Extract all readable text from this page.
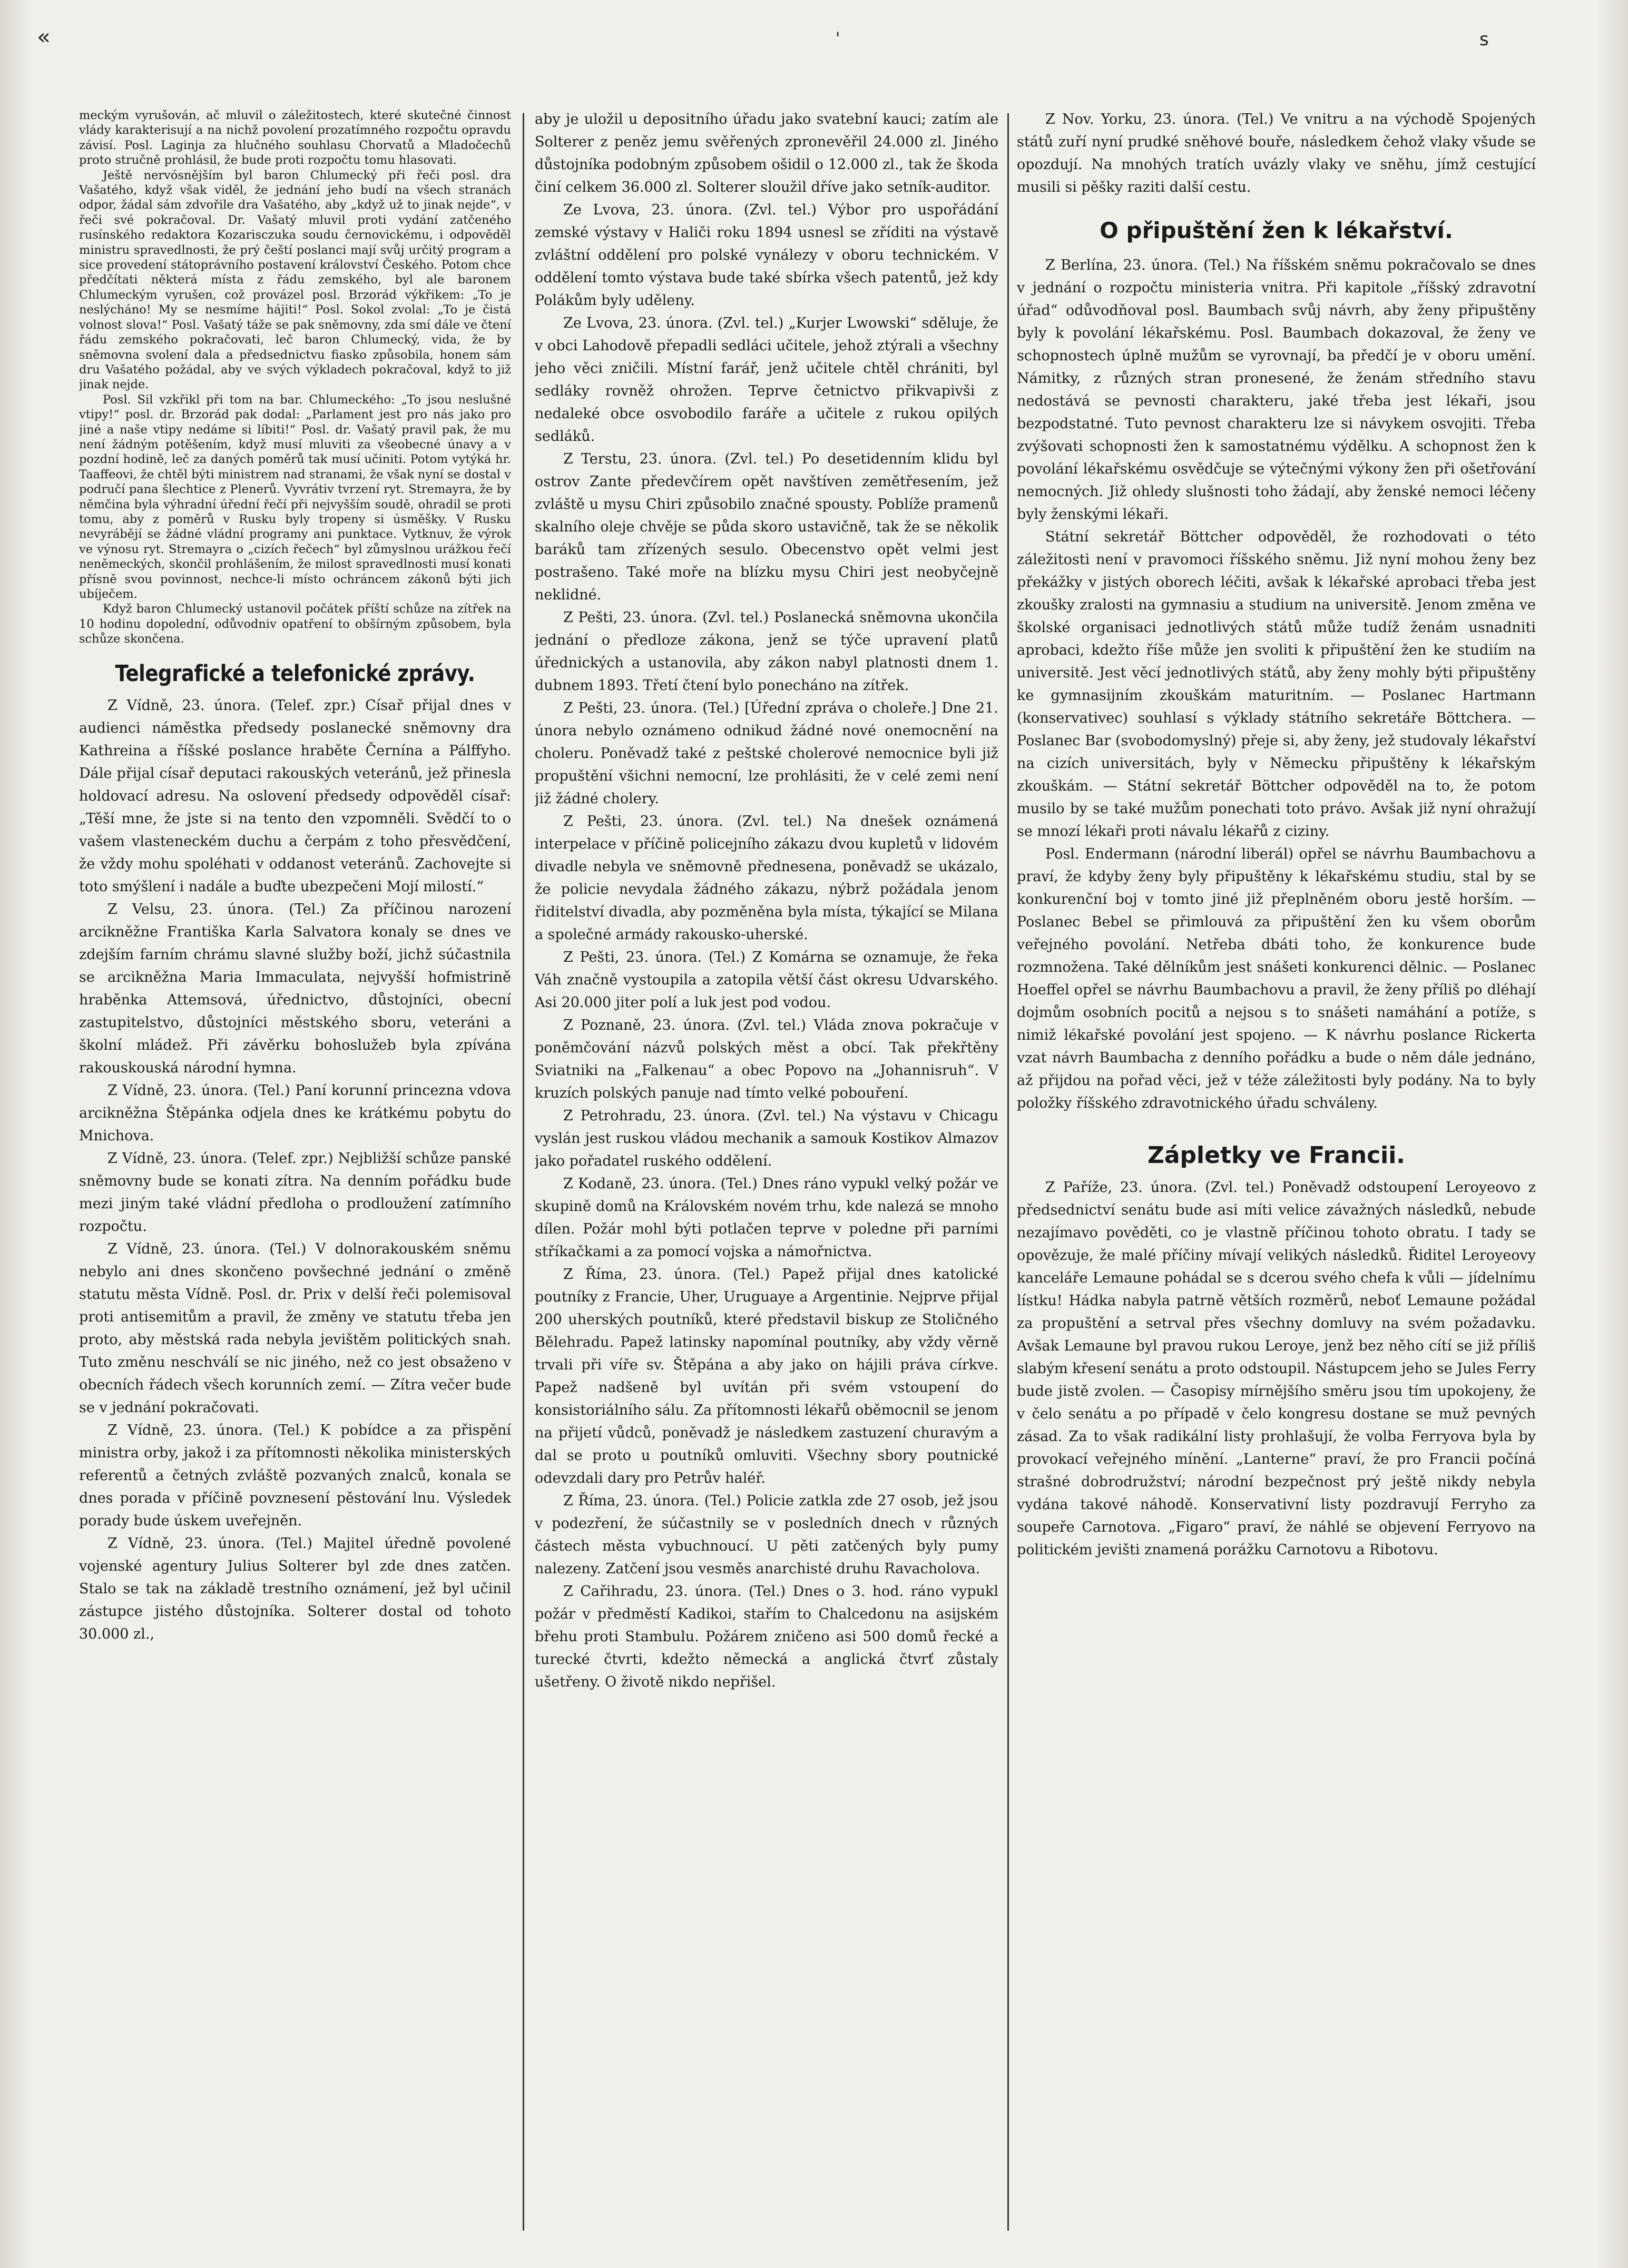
'
«	s

meckým vyrušován, ač mluvil o záležitostech, které skutečné činnost vlády karakterisují a na nichž povolení prozatímného rozpočtu opravdu závisí. Posl. Laginja za hlučného souhlasu Chorvatů a Mladočechů proto stručně prohlásil, že bude proti rozpočtu tomu hlasovati.

Ještě nervósnějším byl baron Chlumecký při řeči posl. dra Vašatého, když však viděl, že jednání jeho budí na všech stranách odpor, žádal sám zdvořile dra Vašatého, aby „když už to jinak nejde“, v řeči své pokračoval. Dr. Vašatý mluvil proti vydání zatčeného rusínského redaktora Kozarisczuka soudu černovickému, i odpověděl ministru spravedlnosti, že prý čeští poslanci mají svůj určitý program a sice provedení státoprávního postavení království Českého. Potom chce předčítati některá místa z řádu zemského, byl ale baronem Chlumeckým vyrušen, což provázel posl. Brzorád výkřikem: „To je neslýcháno! My se nesmíme hájiti!“ Posl. Sokol zvolal: „To je čistá volnost slova!“ Posl. Vašatý táže se pak sněmovny, zda smí dále ve čtení řádu zemského pokračovati, leč baron Chlumecký, vida, že by sněmovna svolení dala a předsednictvu fiasko způsobila, honem sám dru Vašatého požádal, aby ve svých výkladech pokračoval, když to již jinak nejde.

Posl. Sil vzkřikl při tom na bar. Chlumeckého: „To jsou neslušné vtipy!“ posl. dr. Brzorád pak dodal: „Parlament jest pro nás jako pro jiné a naše vtipy nedáme si líbiti!“ Posl. dr. Vašatý pravil pak, že mu není žádným potěšením, když musí mluviti za všeobecné únavy a v pozdní hodině, leč za daných poměrů tak musí učiniti. Potom vytýká hr. Taaffeovi, že chtěl býti ministrem nad stranami, že však nyní se dostal v područí pana šlechtice z Plenerů. Vyvrátiv tvrzení ryt. Stremayra, že by němčina byla výhradní úřední řečí při nejvyšším soudě, ohradil se proti tomu, aby z poměrů v Rusku byly tropeny si úsměšky. V Rusku nevyrábějí se žádné vládní programy ani punktace. Vytknuv, že výrok ve výnosu ryt. Stremayra o „cizích řečech“ byl zůmyslnou urážkou řečí neněmeckých, skončil prohlášením, že milost spravedlnosti musí konati přísně svou povinnost, nechce-li místo ochráncem zákonů býti jich ubíječem.

Když baron Chlumecký ustanovil počátek příští schůze na zítřek na 10 hodinu dopolední, odůvodniv opatření to obšírným způsobem, byla schůze skončena.

Telegrafické a telefonické zprávy.

Z Vídně, 23. února. (Telef. zpr.) Císař přijal dnes v audienci náměstka předsedy poslanecké sněmovny dra Kathreina a říšské poslance hraběte Černína a Pálffyho. Dále přijal císař deputaci rakouských veteránů, jež přinesla holdovací adresu. Na oslovení předsedy odpověděl císař: „Těší mne, že jste si na tento den vzpomněli. Svědčí to o vašem vlasteneckém duchu a čerpám z toho přesvědčení, že vždy mohu spoléhati v oddanost veteránů. Zachovejte si toto smýšlení i nadále a buďte ubezpečeni Mojí milostí.“

Z Velsu, 23. února. (Tel.) Za příčinou narození arcikněžne Františka Karla Salvatora konaly se dnes ve zdejším farním chrámu slavné služby boží, jichž súčastnila se arcikněžna Maria Immaculata, nejvyšší hofmistrině hraběnka Attemsová, úřednictvo, důstojníci, obecní zastupitelstvo, důstojníci městského sboru, veteráni a školní mládež. Při závěrku bohoslužeb byla zpívána rakouskouská národní hymna.

Z Vídně, 23. února. (Tel.) Paní korunní princezna vdova arcikněžna Štěpánka odjela dnes ke krátkému pobytu do Mnichova.

Z Vídně, 23. února. (Telef. zpr.) Nejbližší schůze panské sněmovny bude se konati zítra. Na denním pořádku bude mezi jiným také vládní předloha o prodloužení zatímního rozpočtu.

Z Vídně, 23. února. (Tel.) V dolnorakouském sněmu nebylo ani dnes skončeno povšechné jednání o změně statutu města Vídně. Posl. dr. Prix v delší řeči polemisoval proti antisemitům a pravil, že změny ve statutu třeba jen proto, aby městská rada nebyla jevištěm politických snah. Tuto změnu neschválí se nic jiného, než co jest obsaženo v obecních řádech všech korunních zemí. — Zítra večer bude se v jednání pokračovati.

Z Vídně, 23. února. (Tel.) K pobídce a za přispění ministra orby, jakož i za přítomnosti několika ministerských referentů a četných zvláště pozvaných znalců, konala se dnes porada v příčině povznesení pěstování lnu. Výsledek porady bude úskem uveřejněn.

Z Vídně, 23. února. (Tel.) Majitel úředně povolené vojenské agentury Julius Solterer byl zde dnes zatčen. Stalo se tak na základě trestního oznámení, jež byl učinil zástupce jistého důstojníka. Solterer dostal od tohoto 30.000 zl.,

aby je uložil u depositního úřadu jako svatební kauci; zatím ale Solterer z peněz jemu svěřených zpronevěřil 24.000 zl. Jiného důstojníka podobným způsobem ošidil o 12.000 zl., tak že škoda činí celkem 36.000 zl. Solterer sloužil dříve jako setník-auditor.

Ze Lvova, 23. února. (Zvl. tel.) Výbor pro uspořádání zemské výstavy v Haliči roku 1894 usnesl se zříditi na výstavě zvláštní oddělení pro polské vynálezy v oboru technickém. V oddělení tomto výstava bude také sbírka všech patentů, jež kdy Polákům byly uděleny.

Ze Lvova, 23. února. (Zvl. tel.) „Kurjer Lwowski“ sděluje, že v obci Lahodově přepadli sedláci učitele, jehož ztýrali a všechny jeho věci zničili. Místní farář, jenž učitele chtěl chrániti, byl sedláky rovněž ohrožen. Teprve četnictvo přikvapivši z nedaleké obce osvobodilo faráře a učitele z rukou opilých sedláků.

Z Terstu, 23. února. (Zvl. tel.) Po desetidenním klidu byl ostrov Zante předevčírem opět navštíven zemětřesením, jež zvláště u mysu Chiri způsobilo značné spousty. Poblíže pramenů skalního oleje chvěje se půda skoro ustavičně, tak že se několik baráků tam zřízených sesulo. Obecenstvo opět velmi jest postrašeno. Také moře na blízku mysu Chiri jest neobyčejně neklidné.

Z Pešti, 23. února. (Zvl. tel.) Poslanecká sněmovna ukončila jednání o předloze zákona, jenž se týče upravení platů úřednických a ustanovila, aby zákon nabyl platnosti dnem 1. dubnem 1893. Třetí čtení bylo ponecháno na zítřek.

Z Pešti, 23. února. (Tel.) [Úřední zpráva o choleře.] Dne 21. února nebylo oznámeno odnikud žádné nové onemocnění na choleru. Poněvadž také z peštské cholerové nemocnice byli již propuštění všichni nemocní, lze prohlásiti, že v celé zemi není již žádné cholery.

Z Pešti, 23. února. (Zvl. tel.) Na dnešek oznámená interpelace v příčině policejního zákazu dvou kupletů v lidovém divadle nebyla ve sněmovně přednesena, poněvadž se ukázalo, že policie nevydala žádného zákazu, nýbrž požádala jenom řiditelství divadla, aby pozměněna byla místa, týkající se Milana a společné armády rakousko-uherské.

Z Pešti, 23. února. (Tel.) Z Komárna se oznamuje, že řeka Váh značně vystoupila a zatopila větší část okresu Udvarského. Asi 20.000 jiter polí a luk jest pod vodou.

Z Poznaně, 23. února. (Zvl. tel.) Vláda znova pokračuje v poněmčování názvů polských měst a obcí. Tak překřtěny Sviatniki na „Falkenau“ a obec Popovo na „Johannisruh“. V kruzích polských panuje nad tímto velké pobouření.

Z Petrohradu, 23. února. (Zvl. tel.) Na výstavu v Chicagu vyslán jest ruskou vládou mechanik a samouk Kostikov Almazov jako pořadatel ruského oddělení.

Z Kodaně, 23. února. (Tel.) Dnes ráno vypukl velký požár ve skupině domů na Královském novém trhu, kde nalezá se mnoho dílen. Požár mohl býti potlačen teprve v poledne při parními stříkačkami a za pomocí vojska a námořnictva.

Z Říma, 23. února. (Tel.) Papež přijal dnes katolické poutníky z Francie, Uher, Uruguaye a Argentinie. Nejprve přijal 200 uherských poutníků, které představil biskup ze Stoličného Bělehradu. Papež latinsky napomínal poutníky, aby vždy věrně trvali při víře sv. Štěpána a aby jako on hájili práva církve. Papež nadšeně byl uvítán při svém vstoupení do konsistoriálního sálu. Za přítomnosti lékařů oběmocnil se jenom na přijetí vůdců, poněvadž je následkem zastuzení churavým a dal se proto u poutníků omluviti. Všechny sbory poutnické odevzdali dary pro Petrův haléř.

Z Říma, 23. února. (Tel.) Policie zatkla zde 27 osob, jež jsou v podezření, že súčastnily se v posledních dnech v různých částech města vybuchnoucí. U pěti zatčených byly pumy nalezeny. Zatčení jsou vesměs anarchisté druhu Ravacholova.

Z Cařihradu, 23. února. (Tel.) Dnes o 3. hod. ráno vypukl požár v předměstí Kadikoi, stařím to Chalcedonu na asijském břehu proti Stambulu. Požárem zničeno asi 500 domů řecké a turecké čtvrti, kdežto německá a anglická čtvrť zůstaly ušetřeny. O životě nikdo nepřišel.

Z Nov. Yorku, 23. února. (Tel.) Ve vnitru a na východě Spojených států zuří nyní prudké sněhové bouře, následkem čehož vlaky všude se opozdují. Na mnohých tratích uvázly vlaky ve sněhu, jímž cestující musili si pěšky raziti další cestu.

O připuštění žen k lékařství.

Z Berlína, 23. února. (Tel.) Na říšském sněmu pokračovalo se dnes v jednání o rozpočtu ministeria vnitra. Při kapitole „říšský zdravotní úřad“ odůvodňoval posl. Baumbach svůj návrh, aby ženy připuštěny byly k povolání lékařskému. Posl. Baumbach dokazoval, že ženy ve schopnostech úplně mužům se vyrovnají, ba předčí je v oboru umění. Námitky, z různých stran pronesené, že ženám středního stavu nedostává se pevnosti charakteru, jaké třeba jest lékaři, jsou bezpodstatné. Tuto pevnost charakteru lze si návykem osvojiti. Třeba zvýšovati schopnosti žen k samostatnému výdělku. A schopnost žen k povolání lékařskému osvědčuje se výtečnými výkony žen při ošetřování nemocných. Již ohledy slušnosti toho žádají, aby ženské nemoci léčeny byly ženskými lékaři.

Státní sekretář Böttcher odpověděl, že rozhodovati o této záležitosti není v pravomoci říšského sněmu. Již nyní mohou ženy bez překážky v jistých oborech léčiti, avšak k lékařské aprobaci třeba jest zkoušky zralosti na gymnasiu a studium na universitě. Jenom změna ve školské organisaci jednotlivých států může tudíž ženám usnadniti aprobaci, kdežto říše může jen svoliti k připuštění žen ke studiím na universitě. Jest věcí jednotlivých států, aby ženy mohly býti připuštěny ke gymnasijním zkouškám maturitním. — Poslanec Hartmann (konservativec) souhlasí s výklady státního sekretáře Böttchera. — Poslanec Bar (svobodomyslný) přeje si, aby ženy, jež studovaly lékařství na cizích universitách, byly v Německu připuštěny k lékařským zkouškám. — Státní sekretář Böttcher odpověděl na to, že potom musilo by se také mužům ponechati toto právo. Avšak již nyní ohražují se mnozí lékaři proti návalu lékařů z ciziny.

Posl. Endermann (národní liberál) opřel se návrhu Baumbachovu a praví, že kdyby ženy byly připuštěny k lékařskému studiu, stal by se konkurenční boj v tomto jiné již přeplněném oboru jestě horším. — Poslanec Bebel se přimlouvá za připuštění žen ku všem oborům veřejného povolání. Netřeba dbáti toho, že konkurence bude rozmnožena. Také dělníkům jest snášeti konkurenci dělnic. — Poslanec Hoeffel opřel se návrhu Baumbachovu a pravil, že ženy příliš po dléhají dojmům osobních pocitů a nejsou s to snášeti namáhání a potíže, s nimiž lékařské povolání jest spojeno. — K návrhu poslance Rickerta vzat návrh Baumbacha z denního pořádku a bude o něm dále jednáno, až přijdou na pořad věci, jež v téže záležitosti byly podány. Na to byly položky říšského zdravotnického úřadu schváleny.

Zápletky ve Francii.

Z Paříže, 23. února. (Zvl. tel.) Poněvadž odstoupení Leroyeovo z předsednictví senátu bude asi míti velice závažných následků, nebude nezajímavo pověděti, co je vlastně příčinou tohoto obratu. I tady se opovězuje, že malé příčiny mívají velikých následků. Řiditel Leroyeovy kanceláře Lemaune pohádal se s dcerou svého chefa k vůli — jídelnímu lístku! Hádka nabyla patrně větších rozměrů, neboť Lemaune požádal za propuštění a setrval přes všechny domluvy na svém požadavku. Avšak Lemaune byl pravou rukou Leroye, jenž bez něho cítí se již příliš slabým křesení senátu a proto odstoupil. Nástupcem jeho se Jules Ferry bude jistě zvolen. — Časopisy mírnějšího směru jsou tím upokojeny, že v čelo senátu a po případě v čelo kongresu dostane se muž pevných zásad. Za to však radikální listy prohlašují, že volba Ferryova byla by provokací veřejného mínění. „Lanterne“ praví, že pro Francii počíná strašné dobrodružství; národní bezpečnost prý ještě nikdy nebyla vydána takové náhodě. Konservativní listy pozdravují Ferryho za soupeře Carnotova. „Figaro“ praví, že náhlé se objevení Ferryovo na politickém jevišti znamená porážku Carnotovu a Ribotovu.
